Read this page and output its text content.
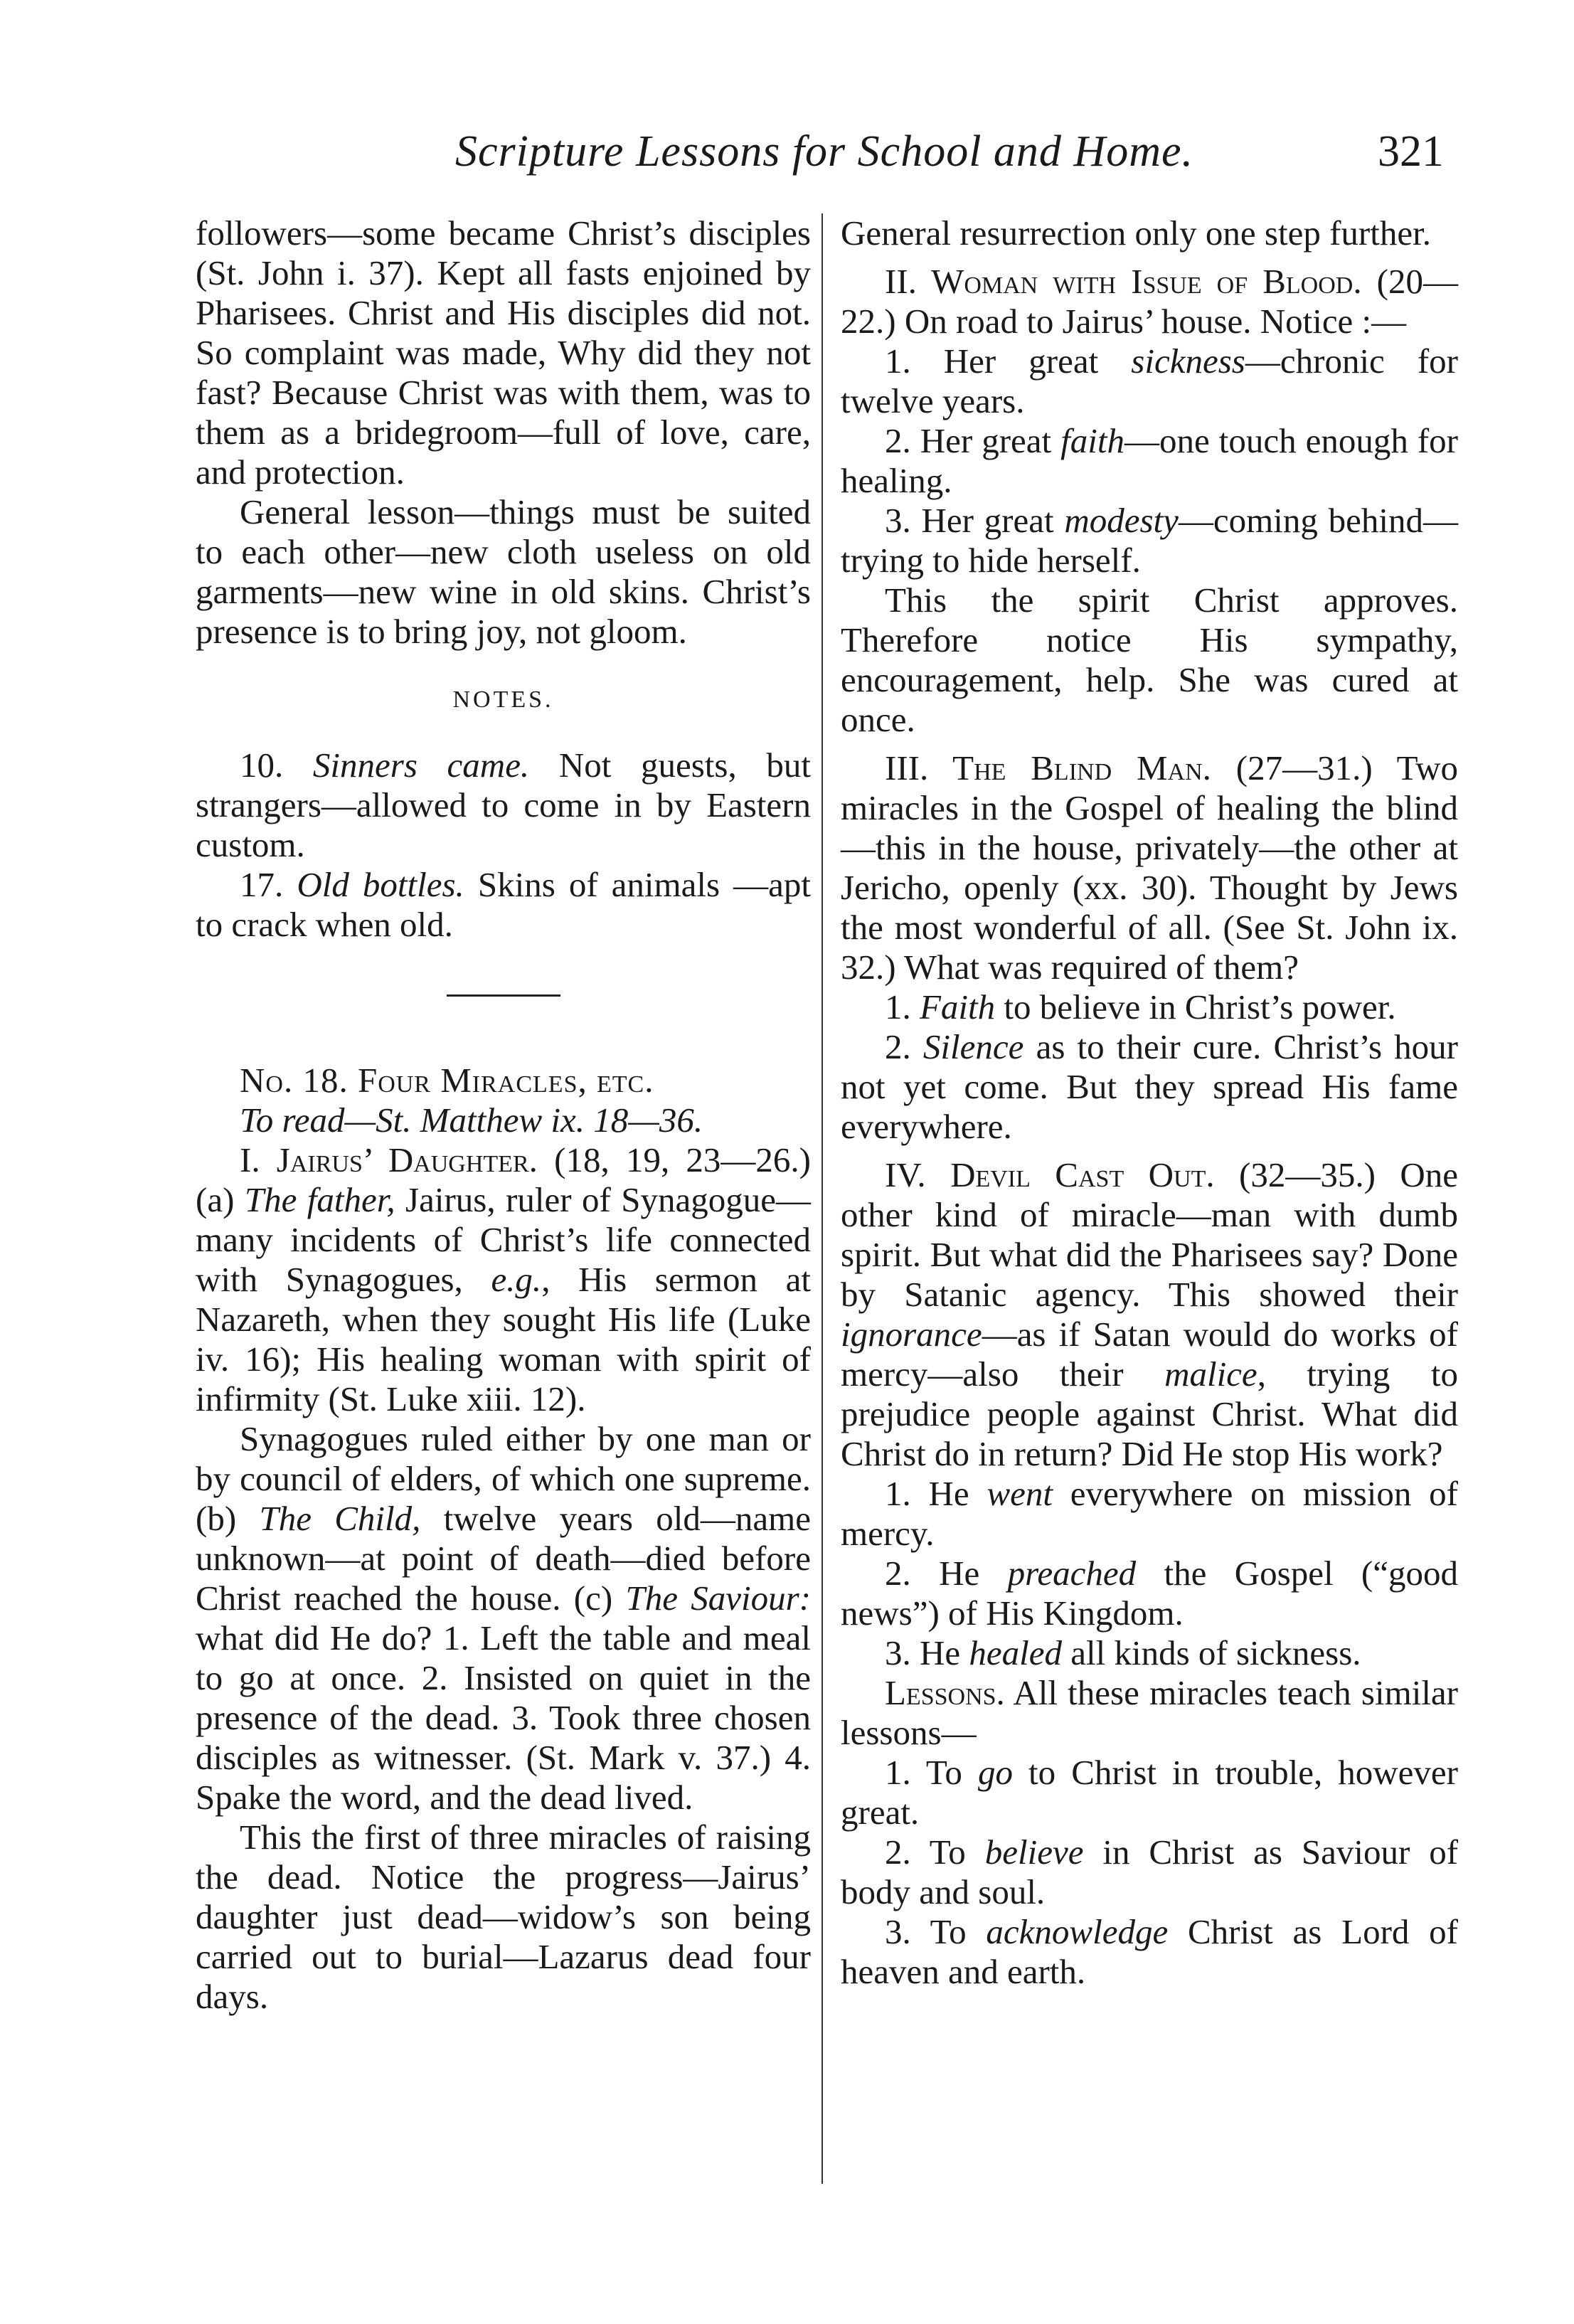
Scripture Lessons for School and Home.	321

followers—some became Christ’s disciples (St. John i. 37). Kept all fasts enjoined by Pharisees. Christ and His disciples did not. So complaint was made, Why did they not fast? Because Christ was with them, was to them as a bridegroom—full of love, care, and protection.

General lesson—things must be suited to each other—new cloth useless on old garments—new wine in old skins. Christ’s presence is to bring joy, not gloom.

NOTES.

10. Sinners came. Not guests, but strangers—allowed to come in by Eastern custom.

17. Old bottles. Skins of animals —apt to crack when old.

No. 18. Four Miracles, etc.

To read—St. Matthew ix. 18—36.

I. Jairus’ Daughter. (18, 19, 23—26.) (a) The father, Jairus, ruler of Synagogue—many incidents of Christ’s life connected with Synagogues, e.g., His sermon at Nazareth, when they sought His life (Luke iv. 16); His healing woman with spirit of infirmity (St. Luke xiii. 12).

Synagogues ruled either by one man or by council of elders, of which one supreme. (b) The Child, twelve years old—name unknown—at point of death—died before Christ reached the house. (c) The Saviour: what did He do? 1. Left the table and meal to go at once. 2. Insisted on quiet in the presence of the dead. 3. Took three chosen disciples as witnesser. (St. Mark v. 37.) 4. Spake the word, and the dead lived.

This the first of three miracles of raising the dead. Notice the progress—Jairus’ daughter just dead—widow’s son being carried out to burial—Lazarus dead four days.

General resurrection only one step further.

II. Woman with Issue of Blood. (20—22.) On road to Jairus’ house. Notice :—

1. Her great sickness—chronic for twelve years.

2. Her great faith—one touch enough for healing.

3. Her great modesty—coming behind—trying to hide herself.

This the spirit Christ approves. Therefore notice His sympathy, encouragement, help. She was cured at once.

III. The Blind Man. (27—31.) Two miracles in the Gospel of healing the blind—this in the house, privately—the other at Jericho, openly (xx. 30). Thought by Jews the most wonderful of all. (See St. John ix. 32.) What was required of them?

1. Faith to believe in Christ’s power.

2. Silence as to their cure. Christ’s hour not yet come. But they spread His fame everywhere.

IV. Devil Cast Out. (32—35.) One other kind of miracle—man with dumb spirit. But what did the Pharisees say? Done by Satanic agency. This showed their ignorance—as if Satan would do works of mercy—also their malice, trying to prejudice people against Christ. What did Christ do in return? Did He stop His work?

1. He went everywhere on mission of mercy.

2. He preached the Gospel (“good news”) of His Kingdom.

3. He healed all kinds of sickness.

Lessons. All these miracles teach similar lessons—

1. To go to Christ in trouble, however great.

2. To believe in Christ as Saviour of body and soul.

3. To acknowledge Christ as Lord of heaven and earth.
